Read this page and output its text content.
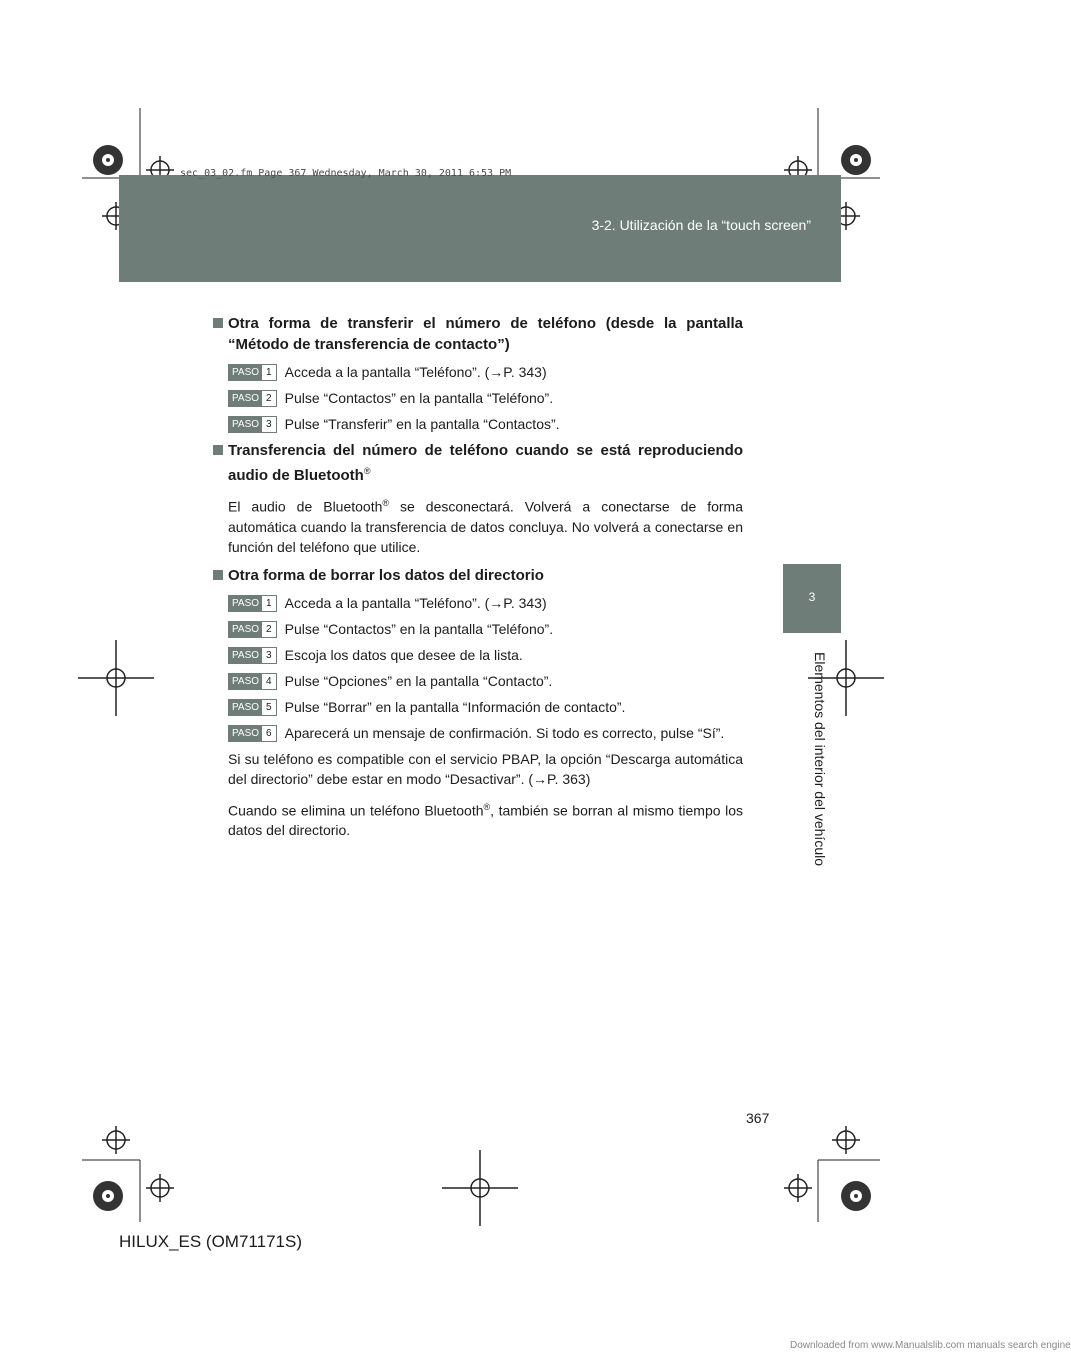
3-2. Utilización de la “touch screen”
sec_03_02.fm Page 367 Wednesday, March 30, 2011 6:53 PM
3
Elementos del interior del vehículo
Otra forma de transferir el número de teléfono (desde la pantalla “Método de transferencia de contacto”)
PASO 1 Acceda a la pantalla “Teléfono”. (→P. 343)
PASO 2 Pulse “Contactos” en la pantalla “Teléfono”.
PASO 3 Pulse “Transferir” en la pantalla “Contactos”.
Transferencia del número de teléfono cuando se está reproduciendo audio de Bluetooth®
El audio de Bluetooth® se desconectará. Volverá a conectarse de forma automática cuando la transferencia de datos concluya. No volverá a conectarse en función del teléfono que utilice.
Otra forma de borrar los datos del directorio
PASO 1 Acceda a la pantalla “Teléfono”. (→P. 343)
PASO 2 Pulse “Contactos” en la pantalla “Teléfono”.
PASO 3 Escoja los datos que desee de la lista.
PASO 4 Pulse “Opciones” en la pantalla “Contacto”.
PASO 5 Pulse “Borrar” en la pantalla “Información de contacto”.
PASO 6 Aparecerá un mensaje de confirmación. Si todo es correcto, pulse “Sí”.
Si su teléfono es compatible con el servicio PBAP, la opción “Descarga automática del directorio” debe estar en modo “Desactivar”. (→P. 363)
Cuando se elimina un teléfono Bluetooth®, también se borran al mismo tiempo los datos del directorio.
367
HILUX_ES (OM71171S)
Downloaded from www.Manualslib.com manuals search engine
